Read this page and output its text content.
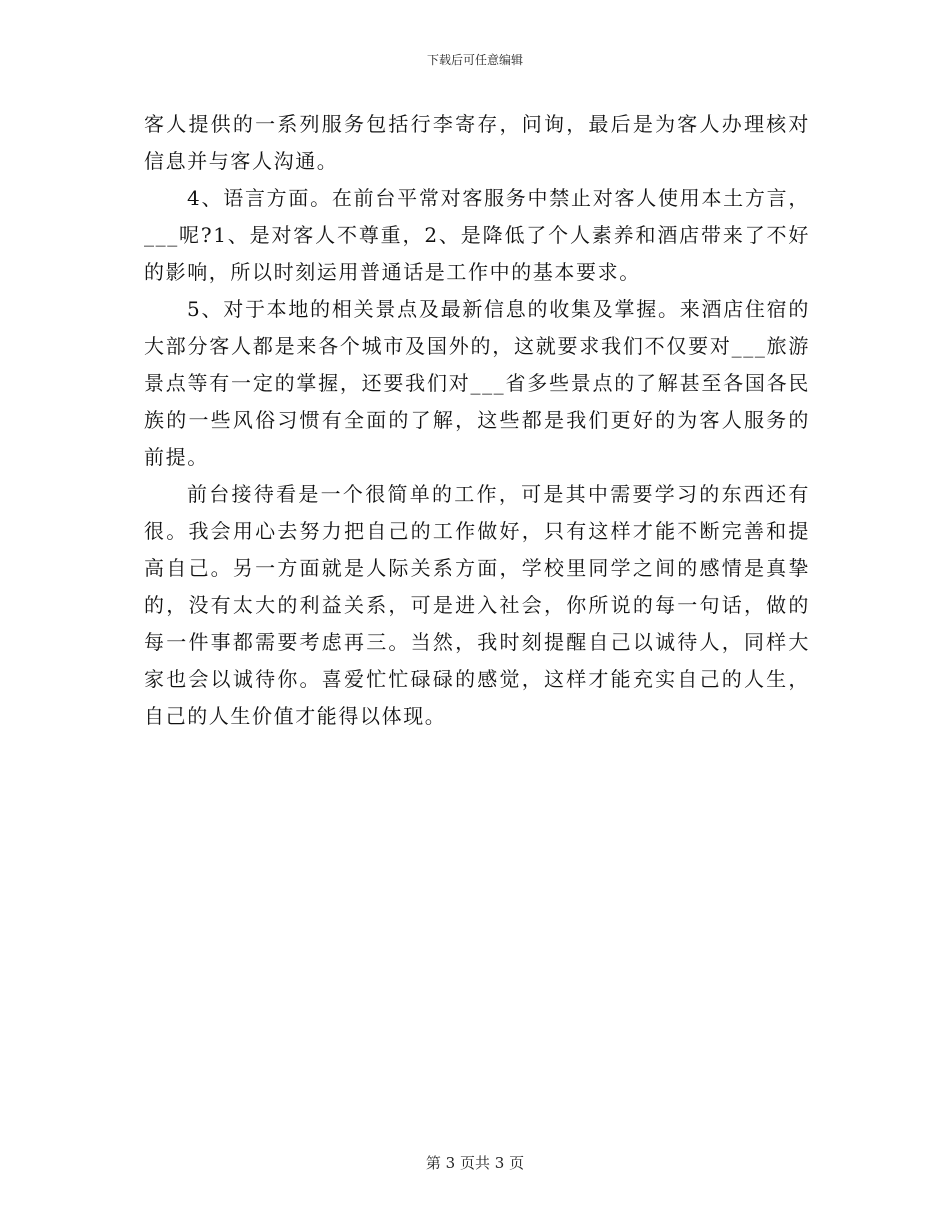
下载后可任意编辑

客人提供的一系列服务包括行李寄存，问询，最后是为客人办理核对信息并与客人沟通。

4、语言方面。在前台平常对客服务中禁止对客人使用本土方言，___呢?1、是对客人不尊重，2、是降低了个人素养和酒店带来了不好的影响，所以时刻运用普通话是工作中的基本要求。

5、对于本地的相关景点及最新信息的收集及掌握。来酒店住宿的大部分客人都是来各个城市及国外的，这就要求我们不仅要对___旅游景点等有一定的掌握，还要我们对___省多些景点的了解甚至各国各民族的一些风俗习惯有全面的了解，这些都是我们更好的为客人服务的前提。

前台接待看是一个很简单的工作，可是其中需要学习的东西还有很。我会用心去努力把自己的工作做好，只有这样才能不断完善和提高自己。另一方面就是人际关系方面，学校里同学之间的感情是真挚的，没有太大的利益关系，可是进入社会，你所说的每一句话，做的每一件事都需要考虑再三。当然，我时刻提醒自己以诚待人，同样大家也会以诚待你。喜爱忙忙碌碌的感觉，这样才能充实自己的人生，自己的人生价值才能得以体现。

第 3 页共 3 页
